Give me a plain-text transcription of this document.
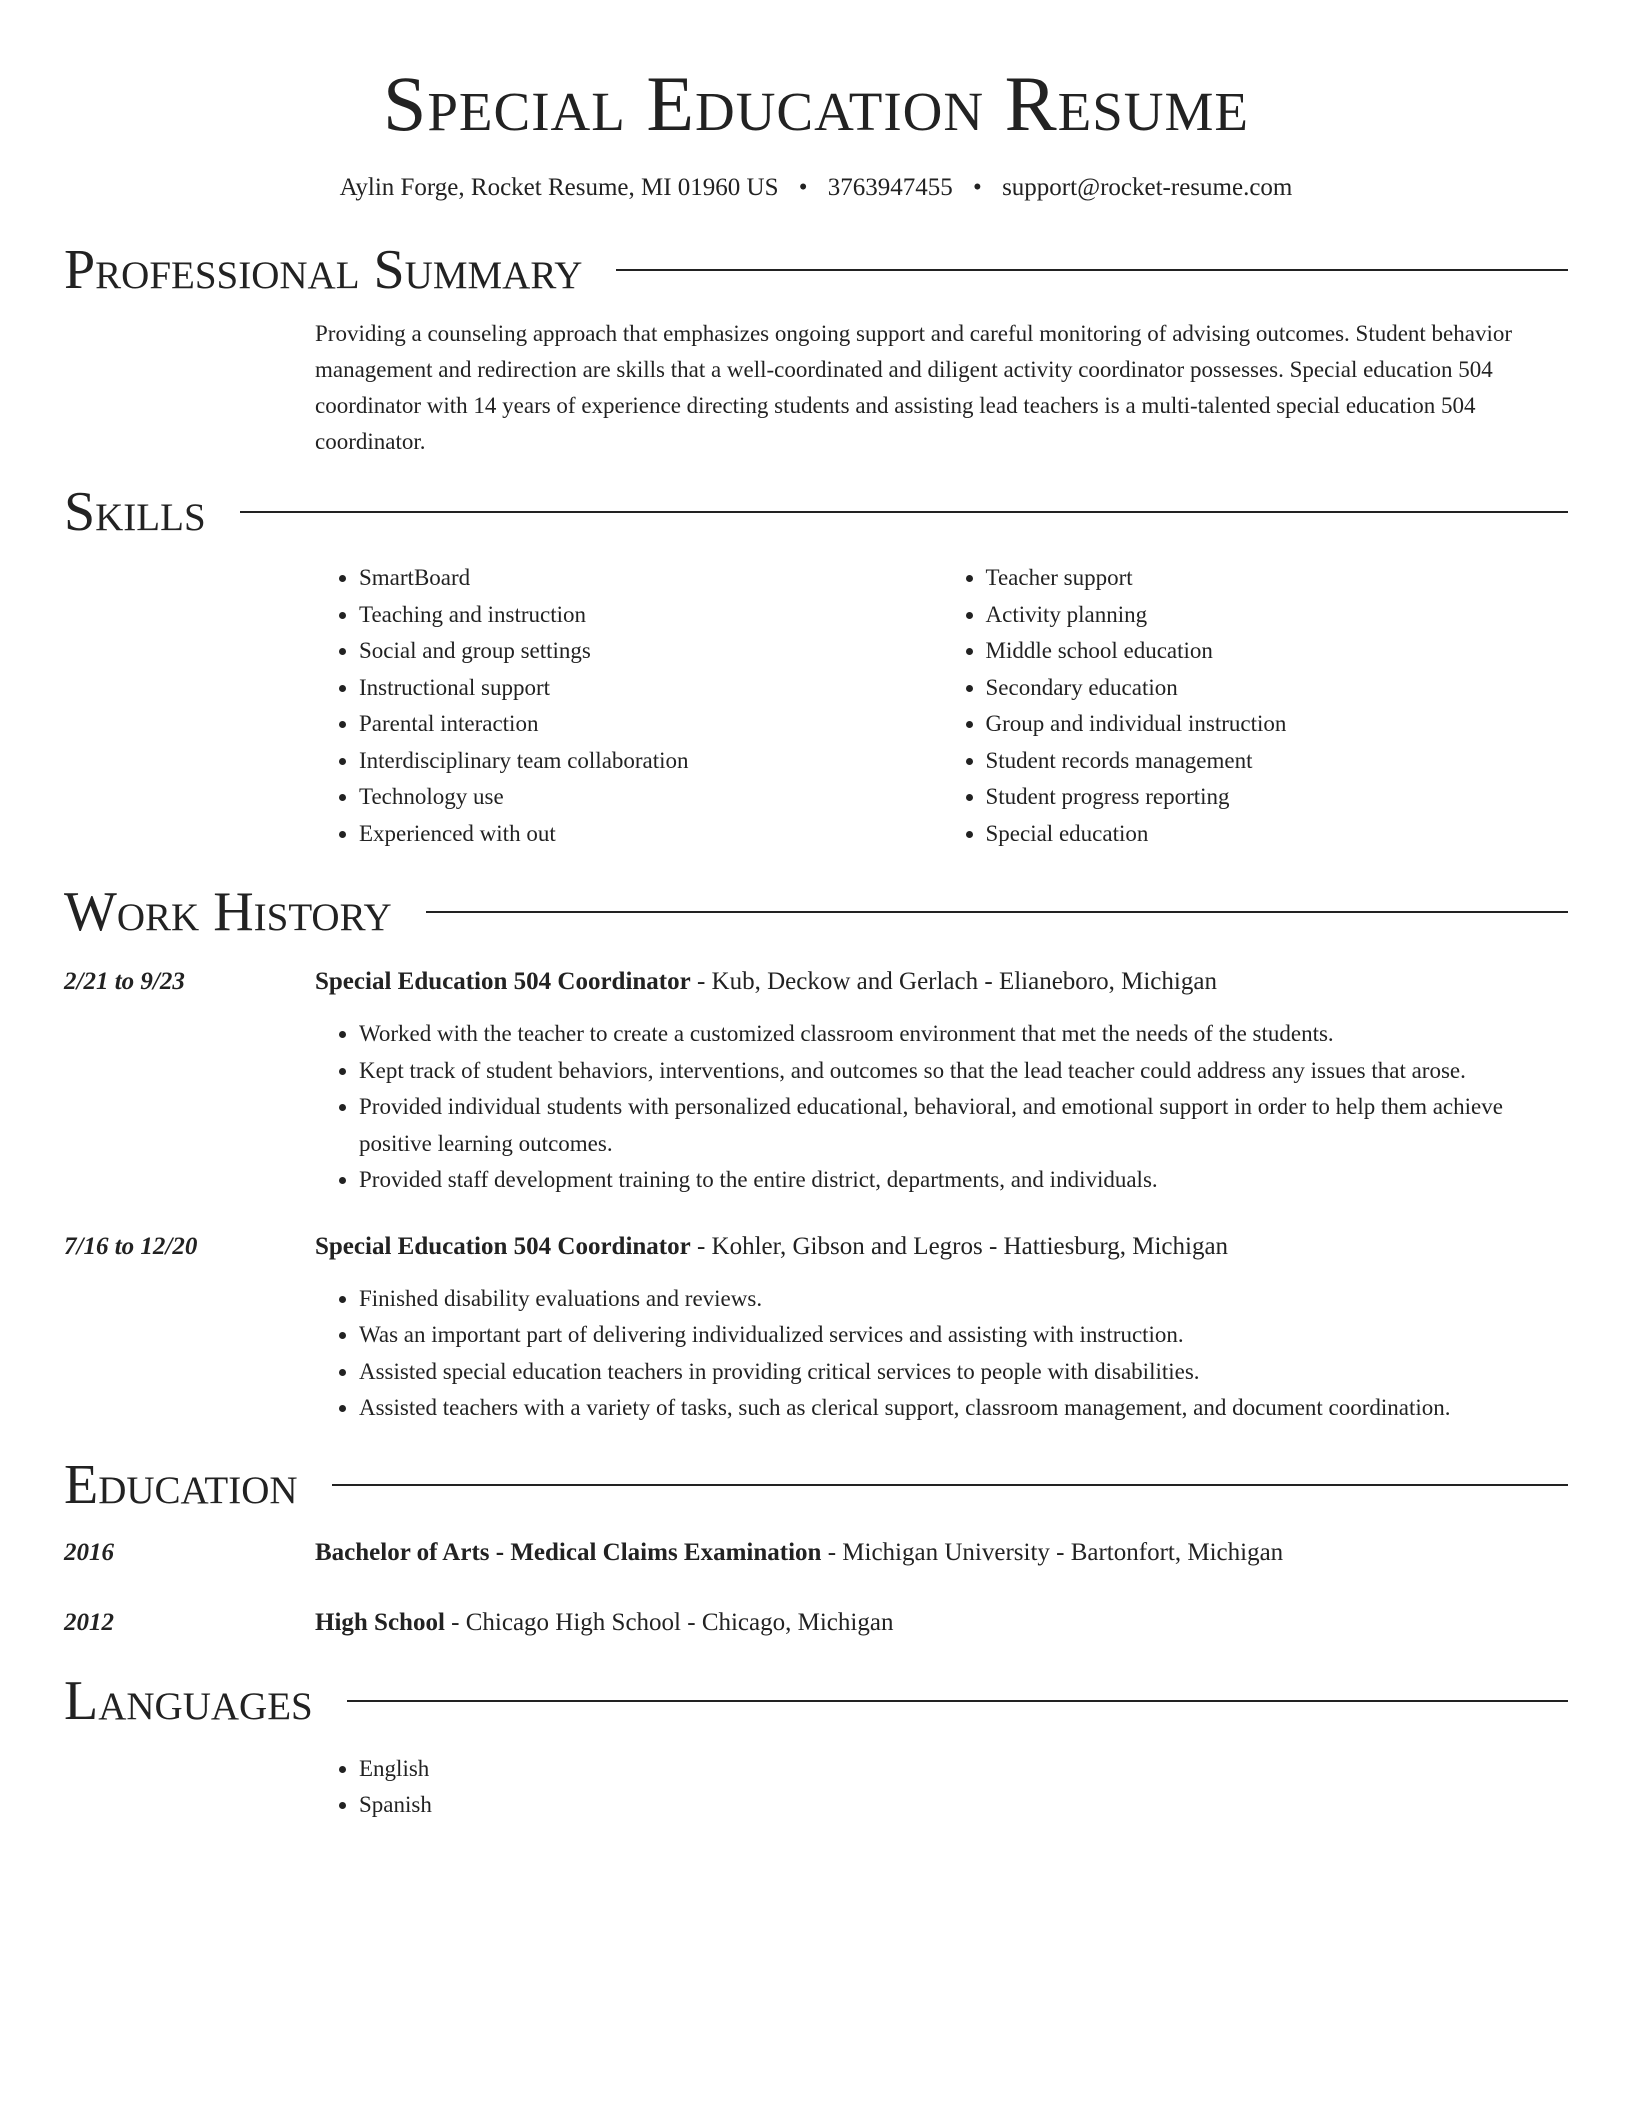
Special Education Resume
Aylin Forge, Rocket Resume, MI 01960 US • 3763947455 • support@rocket-resume.com
Professional Summary
Providing a counseling approach that emphasizes ongoing support and careful monitoring of advising outcomes. Student behavior management and redirection are skills that a well-coordinated and diligent activity coordinator possesses. Special education 504 coordinator with 14 years of experience directing students and assisting lead teachers is a multi-talented special education 504 coordinator.
Skills
• SmartBoard
• Teaching and instruction
• Social and group settings
• Instructional support
• Parental interaction
• Interdisciplinary team collaboration
• Technology use
• Experienced with out
• Teacher support
• Activity planning
• Middle school education
• Secondary education
• Group and individual instruction
• Student records management
• Student progress reporting
• Special education
Work History
2/21 to 9/23	Special Education 504 Coordinator - Kub, Deckow and Gerlach - Elianeboro, Michigan
• Worked with the teacher to create a customized classroom environment that met the needs of the students.
• Kept track of student behaviors, interventions, and outcomes so that the lead teacher could address any issues that arose.
• Provided individual students with personalized educational, behavioral, and emotional support in order to help them achieve positive learning outcomes.
• Provided staff development training to the entire district, departments, and individuals.
7/16 to 12/20	Special Education 504 Coordinator - Kohler, Gibson and Legros - Hattiesburg, Michigan
• Finished disability evaluations and reviews.
• Was an important part of delivering individualized services and assisting with instruction.
• Assisted special education teachers in providing critical services to people with disabilities.
• Assisted teachers with a variety of tasks, such as clerical support, classroom management, and document coordination.
Education
2016	Bachelor of Arts - Medical Claims Examination - Michigan University - Bartonfort, Michigan
2012	High School - Chicago High School - Chicago, Michigan
Languages
• English
• Spanish
